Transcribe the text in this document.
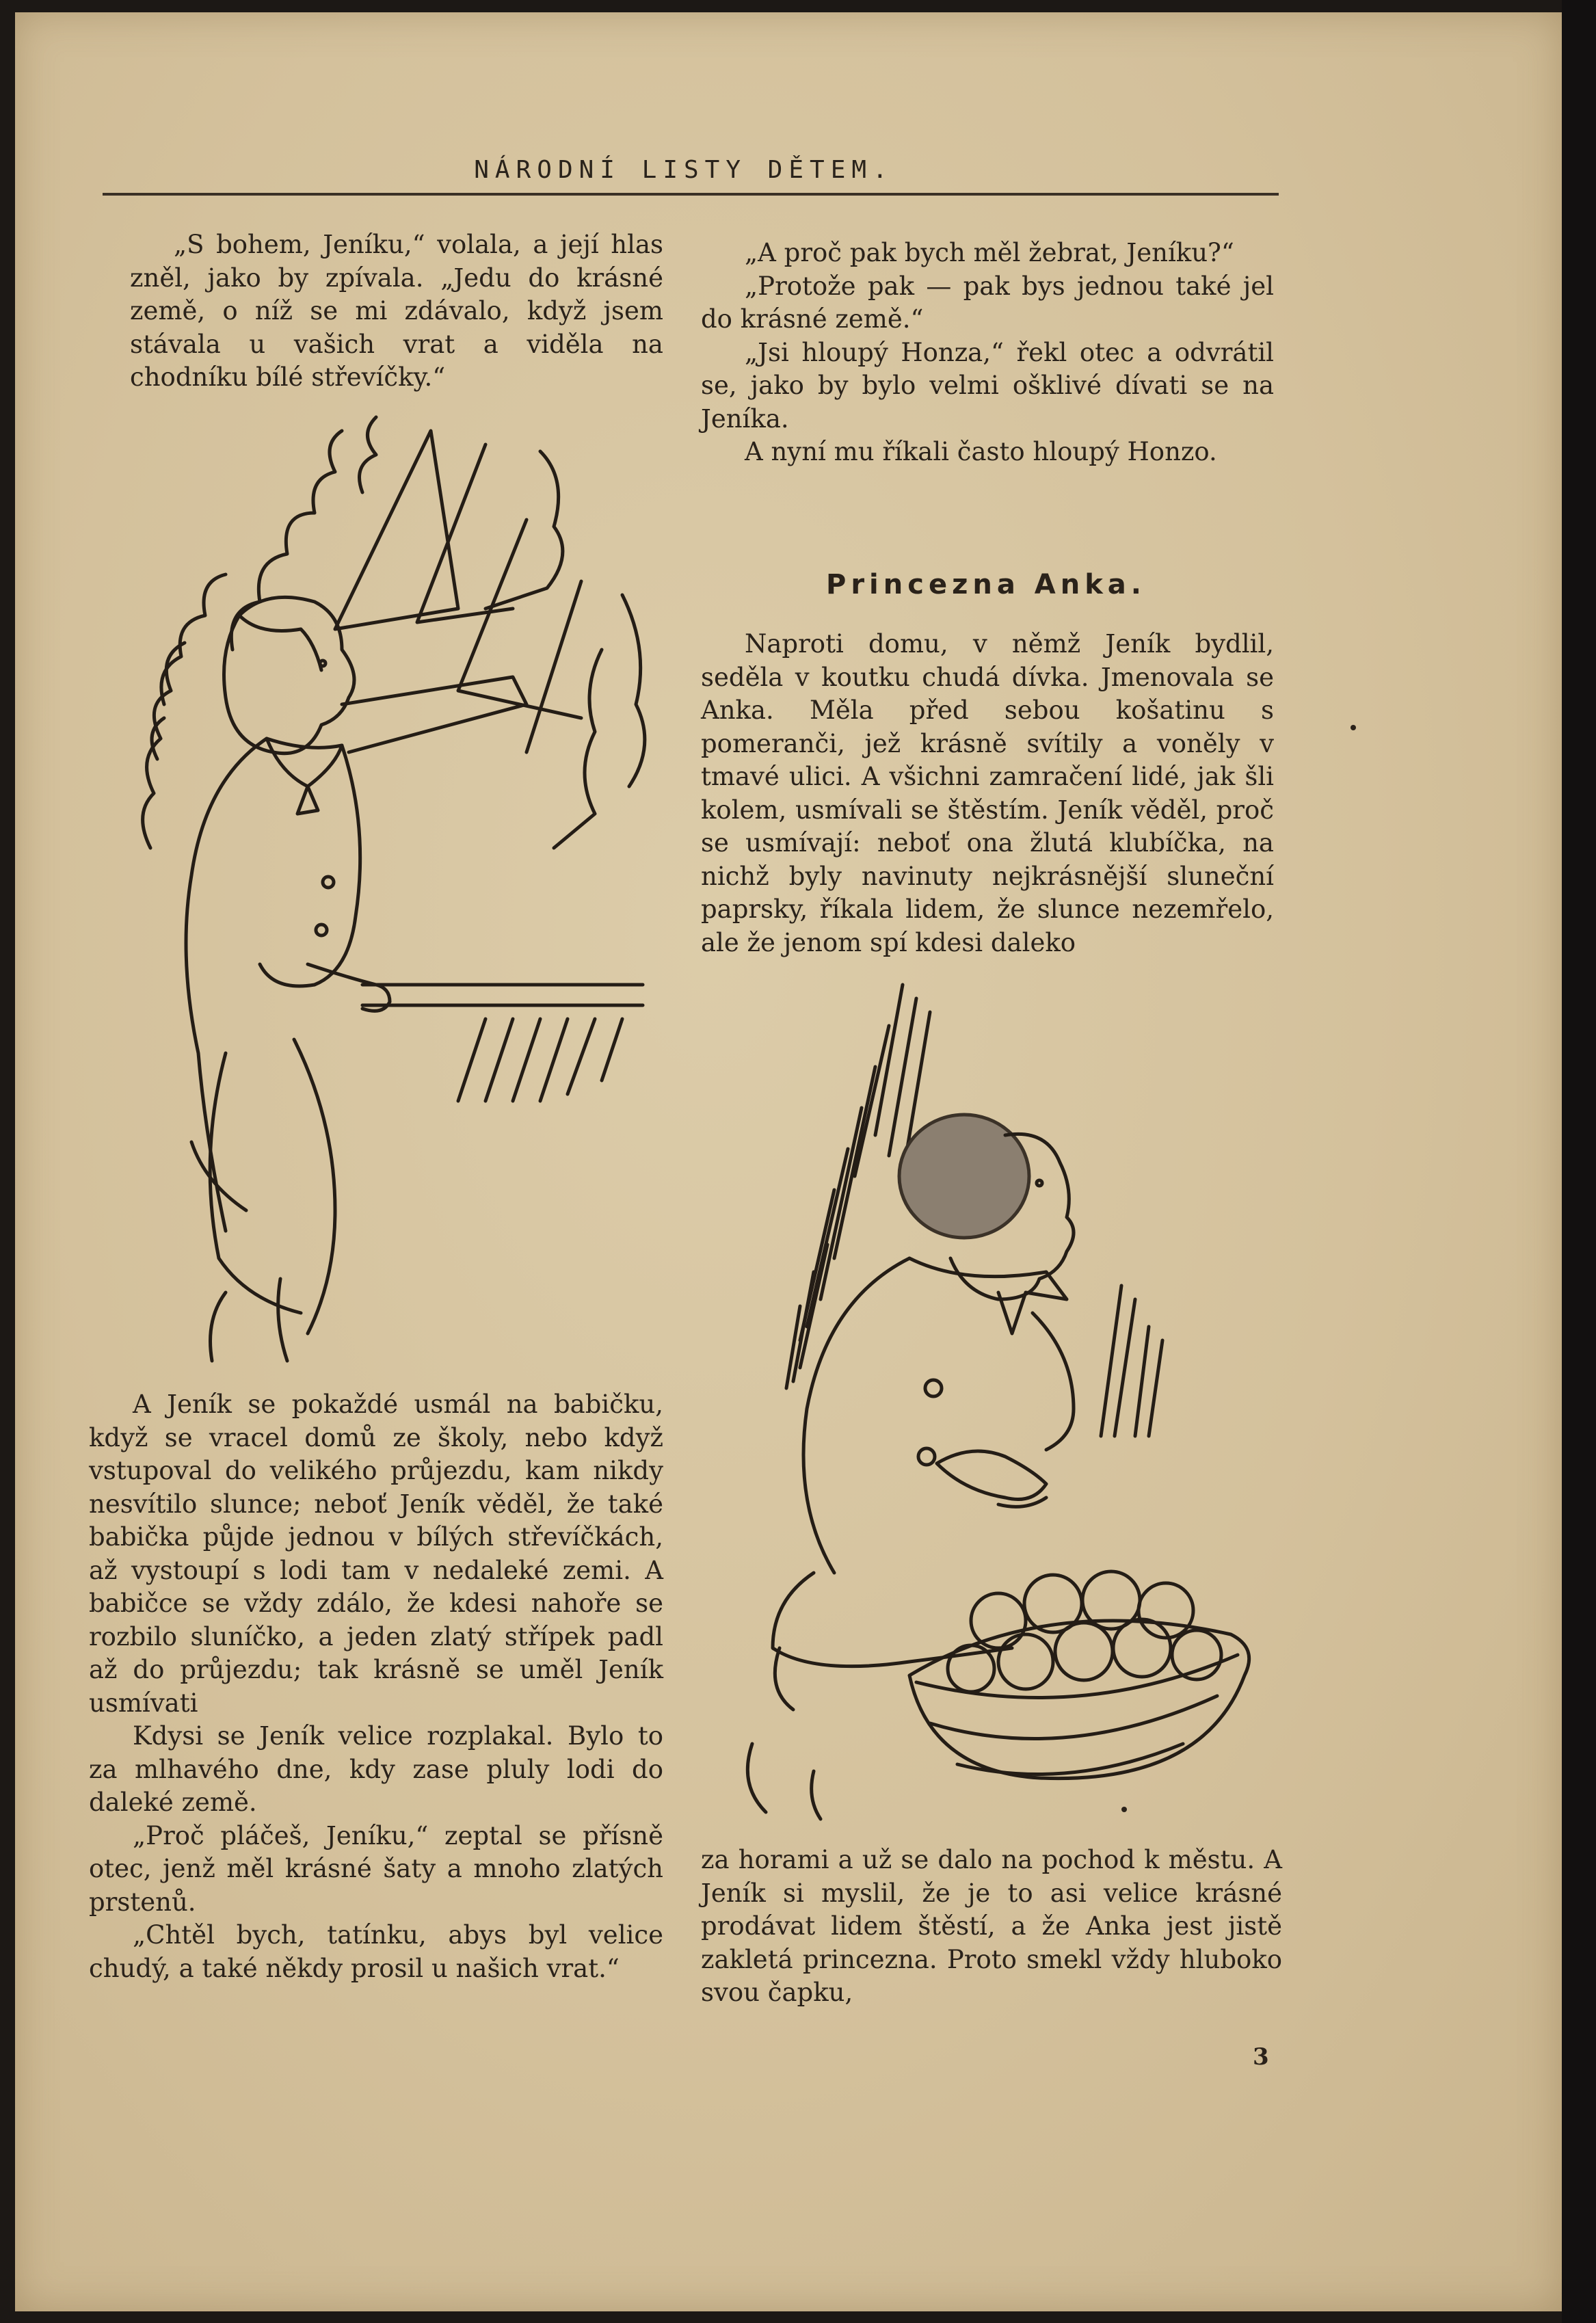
NÁRODNÍ LISTY DĚTEM.

„S bohem, Jeníku,“ volala, a její hlas zněl, jako by zpívala. „Jedu do krásné země, o níž se mi zdávalo, když jsem stávala u vašich vrat a viděla na chodníku bílé střevíčky.“

„A proč pak bych měl žebrat, Jeníku?“

„Protože pak — pak bys jednou také jel do krásné země.“

„Jsi hloupý Honza,“ řekl otec a odvrátil se, jako by bylo velmi ošklivé dívati se na Jeníka.

A nyní mu říkali často hloupý Honzo.

Princezna Anka.

Naproti domu, v němž Jeník bydlil, seděla v koutku chudá dívka. Jmenovala se Anka. Měla před sebou košatinu s pomeranči, jež krásně svítily a voněly v tmavé ulici. A všichni zamračení lidé, jak šli kolem, usmívali se štěstím. Jeník věděl, proč se usmívají: neboť ona žlutá klubíčka, na nichž byly navinuty nejkrásnější sluneční paprsky, říkala lidem, že slunce nezemřelo, ale že jenom spí kdesi daleko

A Jeník se pokaždé usmál na babičku, když se vracel domů ze školy, nebo když vstupoval do velikého průjezdu, kam nikdy nesvítilo slunce; neboť Jeník věděl, že také babička půjde jednou v bílých střevíčkách, až vystoupí s lodi tam v nedaleké zemi. A babičce se vždy zdálo, že kdesi nahoře se rozbilo sluníčko, a jeden zlatý střípek padl až do průjezdu; tak krásně se uměl Jeník usmívati

Kdysi se Jeník velice rozplakal. Bylo to za mlhavého dne, kdy zase pluly lodi do daleké země.

„Proč pláčeš, Jeníku,“ zeptal se přísně otec, jenž měl krásné šaty a mnoho zlatých prstenů.

„Chtěl bych, tatínku, abys byl velice chudý, a také někdy prosil u našich vrat.“

za horami a už se dalo na pochod k městu. A Jeník si myslil, že je to asi velice krásné prodávat lidem štěstí, a že Anka jest jistě zakletá princezna. Proto smekl vždy hluboko svou čapku,

3
